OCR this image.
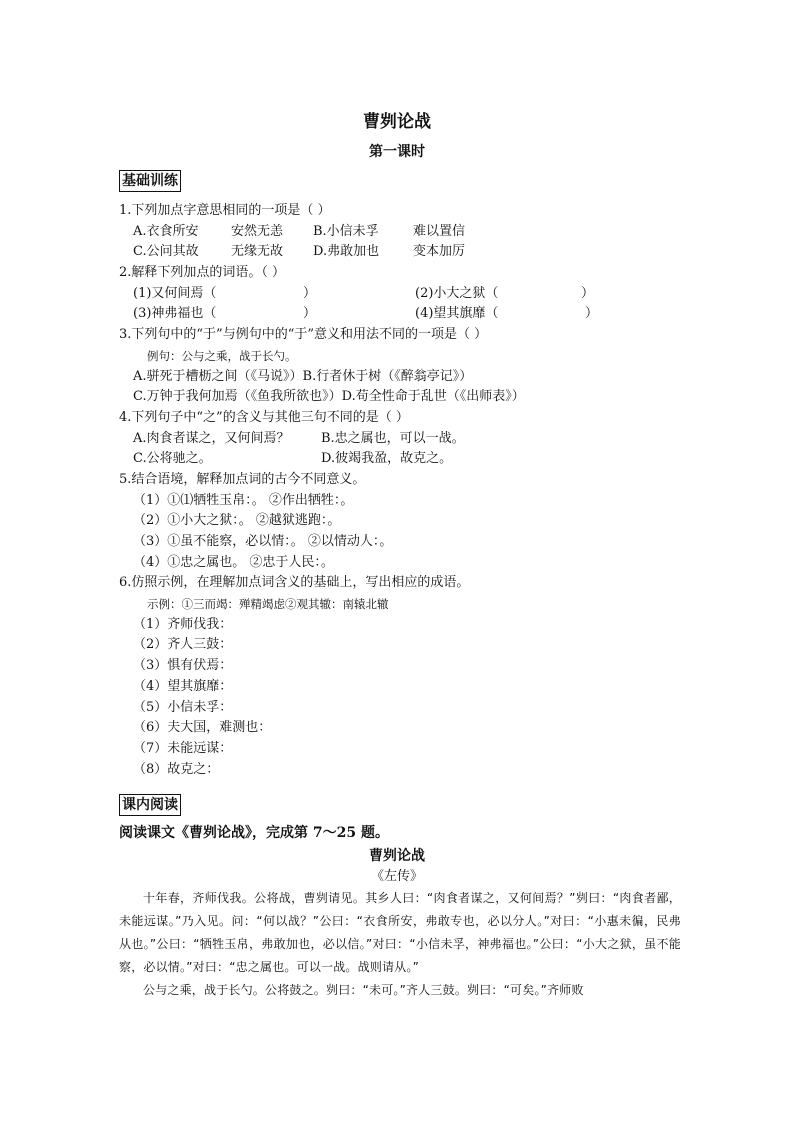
曹刿论战
第一课时
基础训练
1.下列加点字意思相同的一项是（ ）
A.衣食所安 安然无恙 B.小信未孚	难以置信
C.公问其故 无缘无故 D.弗敢加也	变本加厉
2.解释下列加点的词语。（ ）
(1)又何间焉（	）	(2)小大之狱（	）
(3)神弗福也（	）	(4)望其旗靡（	）
3.下列句中的“于”与例句中的“于”意义和用法不同的一项是（ ）
例句：公与之乘，战于长勺。
A.骈死于槽枥之间（《马说》）B.行者休于树（《醉翁亭记》）
C.万钟于我何加焉（《鱼我所欲也》）D.苟全性命于乱世（《出师表》）
4.下列句子中“之”的含义与其他三句不同的是（ ）
A.肉食者谋之，又何间焉？ B.忠之属也，可以一战。
C.公将驰之。	D.彼竭我盈，故克之。
5.结合语境，解释加点词的古今不同意义。
（1）①⑴牺牲玉帛：。 ②作出牺牲：。
（2）①小大之狱：。 ②越狱逃跑：。
（3）①虽不能察，必以情：。 ②以情动人：。
（4）①忠之属也。 ②忠于人民：。
6.仿照示例，在理解加点词含义的基础上，写出相应的成语。
示例：①三而竭：殚精竭虑②观其辙：南辕北辙
（1）齐师伐我：
（2）齐人三鼓：
（3）惧有伏焉：
（4）望其旗靡：
（5）小信未孚：
（6）夫大国，难测也：
（7）未能远谋：
（8）故克之：
课内阅读
阅读课文《曹刿论战》，完成第 7～25 题。
曹刿论战
《左传》

十年春，齐师伐我。公将战，曹刿请见。其乡人曰：“肉食者谋之，又何间焉？”刿曰：“肉食者鄙，未能远谋。”乃入见。问：“何以战？”公曰：“衣食所安，弗敢专也，必以分人。”对曰：“小惠未徧，民弗从也。”公曰：“牺牲玉帛，弗敢加也，必以信。”对曰：“小信未孚，神弗福也。”公曰：“小大之狱，虽不能察，必以情。”对曰：“忠之属也。可以一战。战则请从。”

公与之乘，战于长勺。公将鼓之。刿曰：“未可。”齐人三鼓。刿曰：“可矣。”齐师败
